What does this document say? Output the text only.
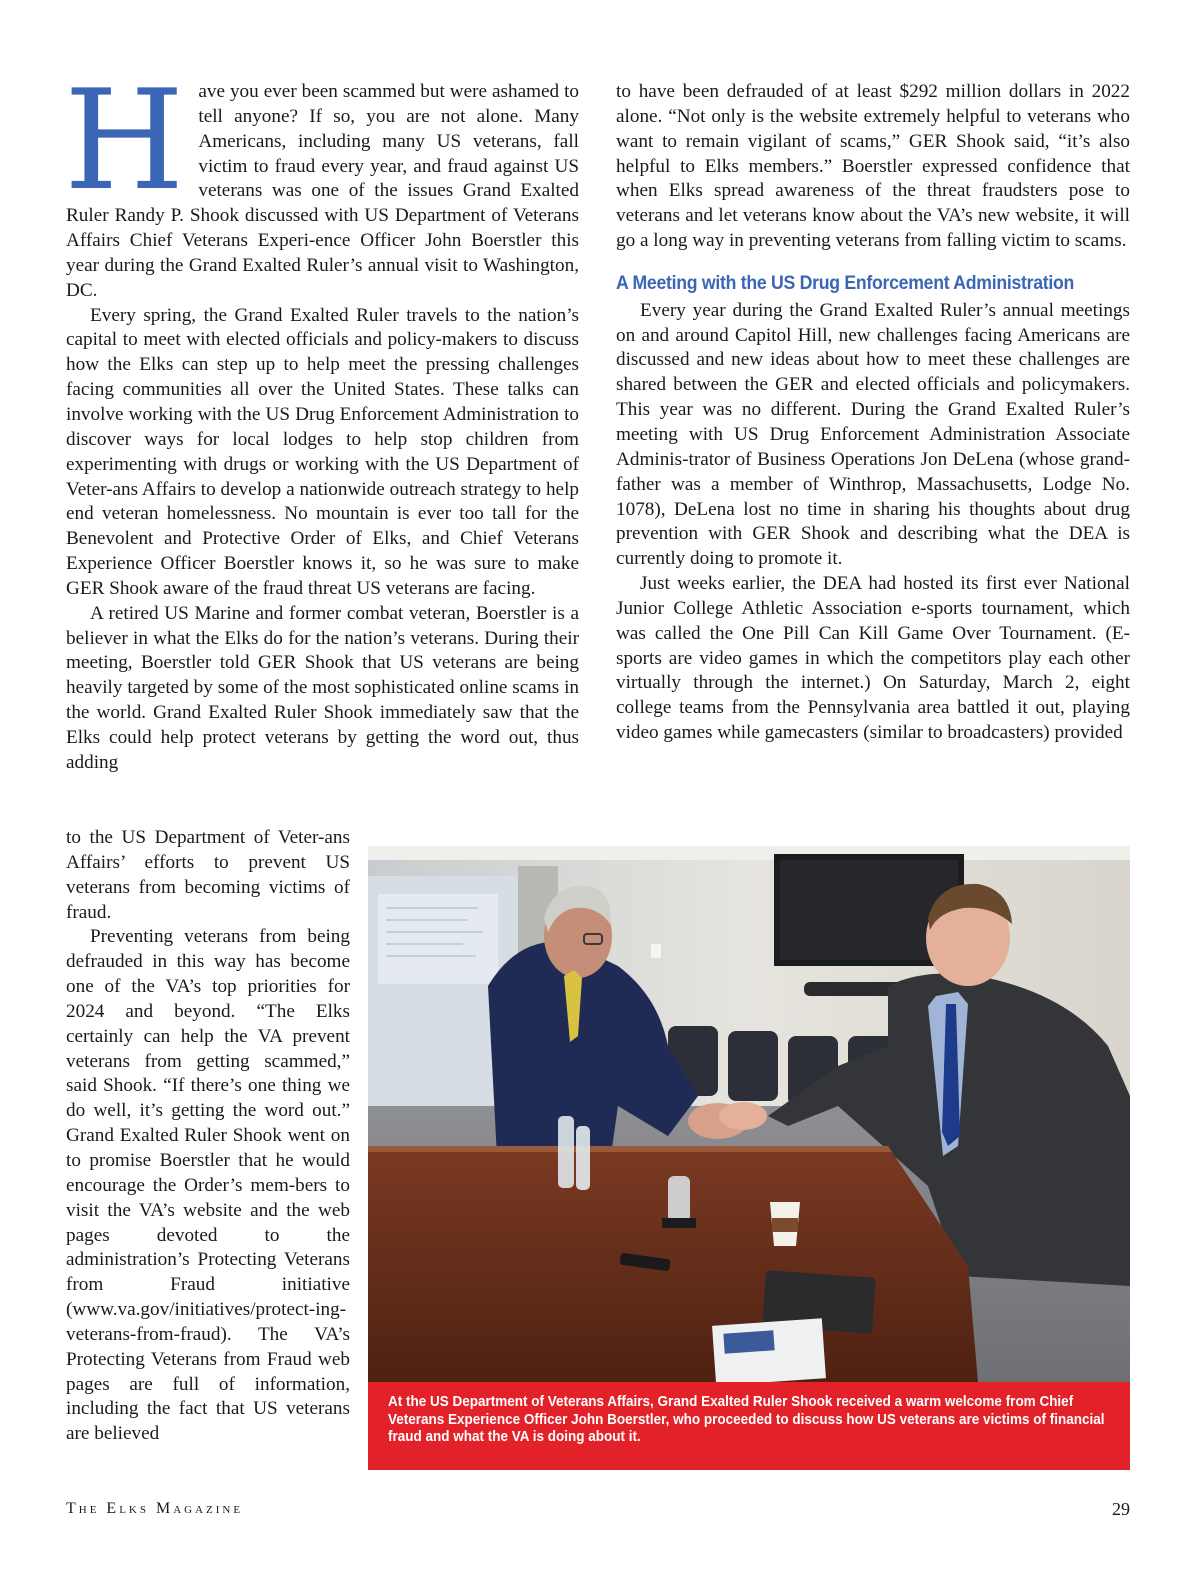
H ave you ever been scammed but were ashamed to tell anyone? If so, you are not alone. Many Americans, including many US veterans, fall victim to fraud every year, and fraud against US veterans was one of the issues Grand Exalted Ruler Randy P. Shook discussed with US Department of Veterans Affairs Chief Veterans Experi-ence Officer John Boerstler this year during the Grand Exalted Ruler’s annual visit to Washington, DC.

Every spring, the Grand Exalted Ruler travels to the nation’s capital to meet with elected officials and policy-makers to discuss how the Elks can step up to help meet the pressing challenges facing communities all over the United States. These talks can involve working with the US Drug Enforcement Administration to discover ways for local lodges to help stop children from experimenting with drugs or working with the US Department of Veter-ans Affairs to develop a nationwide outreach strategy to help end veteran homelessness. No mountain is ever too tall for the Benevolent and Protective Order of Elks, and Chief Veterans Experience Officer Boerstler knows it, so he was sure to make GER Shook aware of the fraud threat US veterans are facing.

A retired US Marine and former combat veteran, Boerstler is a believer in what the Elks do for the nation’s veterans. During their meeting, Boerstler told GER Shook that US veterans are being heavily targeted by some of the most sophisticated online scams in the world. Grand Exalted Ruler Shook immediately saw that the Elks could help protect veterans by getting the word out, thus adding

to the US Department of Veter-ans Affairs’ efforts to prevent US veterans from becoming victims of fraud.

Preventing veterans from being defrauded in this way has become one of the VA’s top priorities for 2024 and beyond. “The Elks certainly can help the VA prevent veterans from getting scammed,” said Shook. “If there’s one thing we do well, it’s getting the word out.” Grand Exalted Ruler Shook went on to promise Boerstler that he would encourage the Order’s mem-bers to visit the VA’s website and the web pages devoted to the administration’s Protecting Veterans from Fraud initiative (www.va.gov/initiatives/protect-ing-veterans-from-fraud). The VA’s Protecting Veterans from Fraud web pages are full of information, including the fact that US veterans are believed

to have been defrauded of at least $292 million dollars in 2022 alone. “Not only is the website extremely helpful to veterans who want to remain vigilant of scams,” GER Shook said, “it’s also helpful to Elks members.” Boerstler expressed confidence that when Elks spread awareness of the threat fraudsters pose to veterans and let veterans know about the VA’s new website, it will go a long way in preventing veterans from falling victim to scams.

A Meeting with the US Drug Enforcement Administration

Every year during the Grand Exalted Ruler’s annual meetings on and around Capitol Hill, new challenges facing Americans are discussed and new ideas about how to meet these challenges are shared between the GER and elected officials and policymakers. This year was no different. During the Grand Exalted Ruler’s meeting with US Drug Enforcement Administration Associate Adminis-trator of Business Operations Jon DeLena (whose grand-father was a member of Winthrop, Massachusetts, Lodge No. 1078), DeLena lost no time in sharing his thoughts about drug prevention with GER Shook and describing what the DEA is currently doing to promote it.

Just weeks earlier, the DEA had hosted its first ever National Junior College Athletic Association e-sports tournament, which was called the One Pill Can Kill Game Over Tournament. (E-sports are video games in which the competitors play each other virtually through the internet.) On Saturday, March 2, eight college teams from the Pennsylvania area battled it out, playing video games while gamecasters (similar to broadcasters) provided

At the US Department of Veterans Affairs, Grand Exalted Ruler Shook received a warm welcome from Chief Veterans Experience Officer John Boerstler, who proceeded to discuss how US veterans are victims of financial fraud and what the VA is doing about it.
The Elks Magazine	29
